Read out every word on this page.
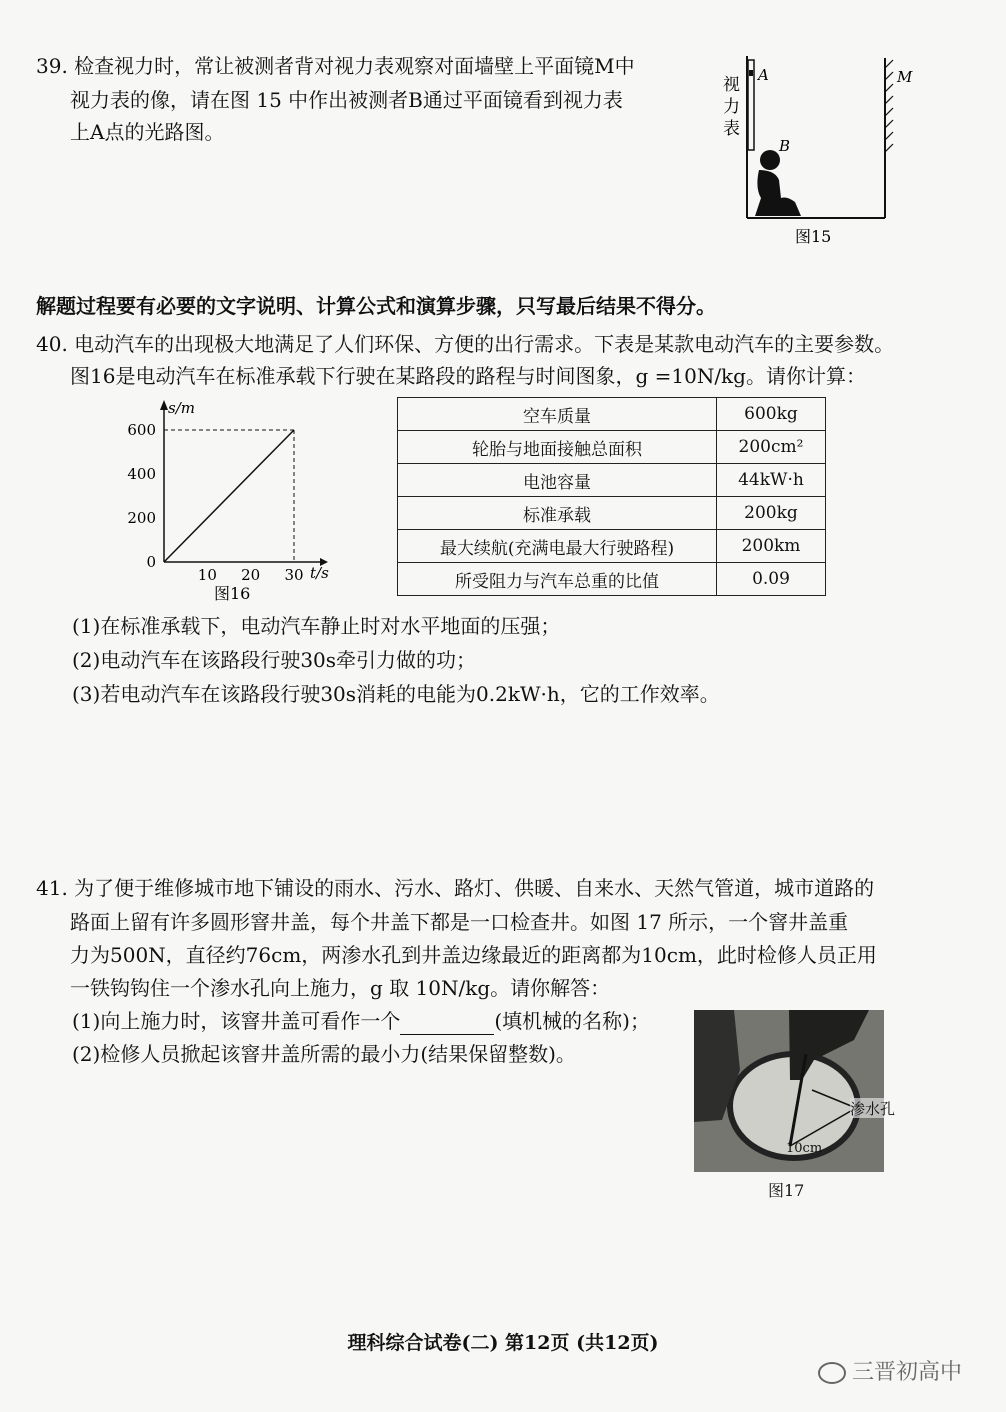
39. 检查视力时，常让被测者背对视力表观察对面墙壁上平面镜M中
视力表的像，请在图 15 中作出被测者B通过平面镜看到视力表
上A点的光路图。
视
力
表
A
B
M
图15
解题过程要有必要的文字说明、计算公式和演算步骤，只写最后结果不得分。
40. 电动汽车的出现极大地满足了人们环保、方便的出行需求。下表是某款电动汽车的主要参数。
图16是电动汽车在标准承载下行驶在某路段的路程与时间图象，g =10N/kg。请你计算：
s/m
t/s
0
200
400
600
10 20 30
图16
空车质量	600kg
轮胎与地面接触总面积	200cm²
电池容量	44kW·h
标准承载	200kg
最大续航(充满电最大行驶路程)	200km
所受阻力与汽车总重的比值	0.09
(1)在标准承载下，电动汽车静止时对水平地面的压强；
(2)电动汽车在该路段行驶30s牵引力做的功；
(3)若电动汽车在该路段行驶30s消耗的电能为0.2kW·h，它的工作效率。
41. 为了便于维修城市地下铺设的雨水、污水、路灯、供暖、自来水、天然气管道，城市道路的
路面上留有许多圆形窨井盖，每个井盖下都是一口检查井。如图 17 所示，一个窨井盖重
力为500N，直径约76cm，两渗水孔到井盖边缘最近的距离都为10cm，此时检修人员正用
一铁钩钩住一个渗水孔向上施力，g 取 10N/kg。请你解答：
(1)向上施力时，该窨井盖可看作一个	(填机械的名称)；
(2)检修人员掀起该窨井盖所需的最小力(结果保留整数)。
渗水孔
10cm
图17
理科综合试卷(二) 第12页 (共12页)
三晋初高中
